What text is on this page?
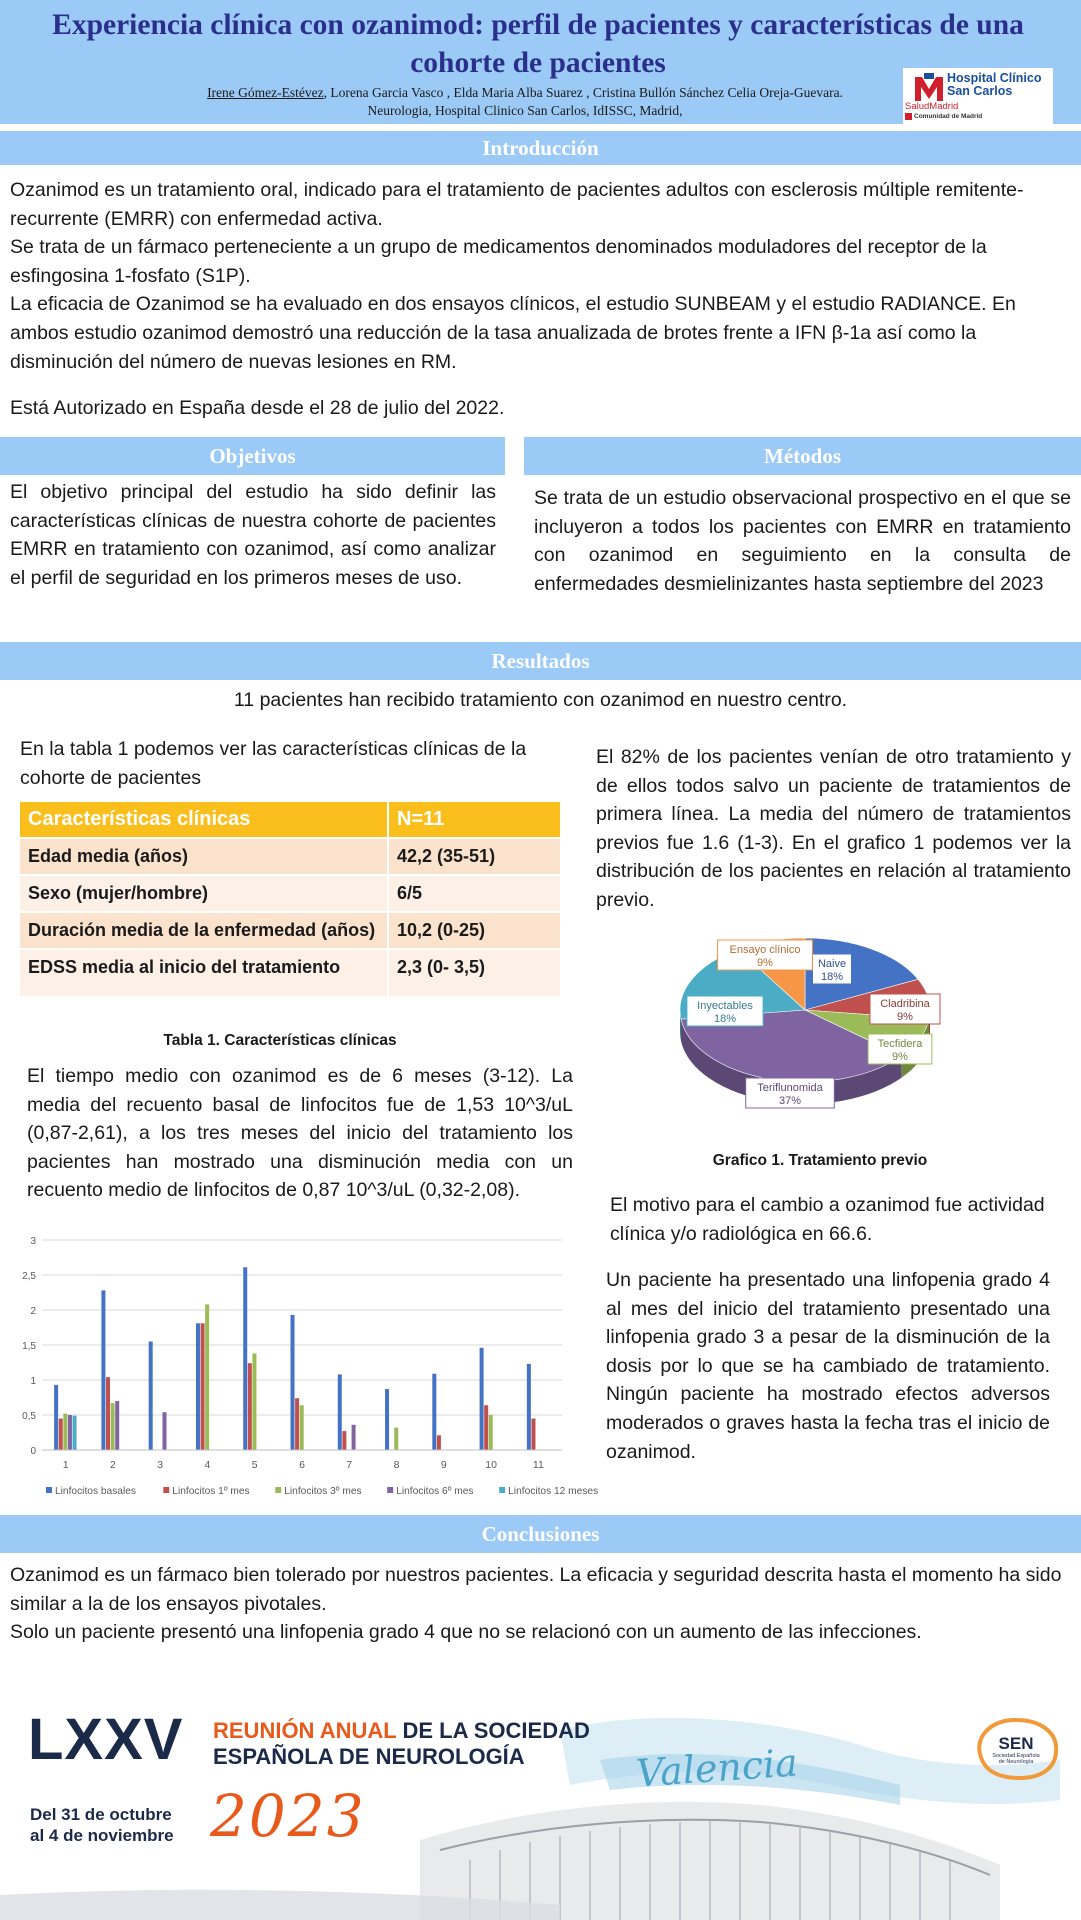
Experiencia clínica con ozanimod: perfil de pacientes y características de una cohorte de pacientes
Irene Gómez-Estévez, Lorena Garcia Vasco , Elda Maria Alba Suarez , Cristina Bullón Sánchez Celia Oreja-Guevara.
Neurologia, Hospital Clinico San Carlos, IdISSC, Madrid,
Hospital Clínico
San Carlos
SaludMadrid
Comunidad de Madrid
Introducción

Ozanimod es un tratamiento oral, indicado para el tratamiento de pacientes adultos con esclerosis múltiple remitente-recurrente (EMRR) con enfermedad activa.

Se trata de un fármaco perteneciente a un grupo de medicamentos denominados moduladores del receptor de la esfingosina 1-fosfato (S1P).

La eficacia de Ozanimod se ha evaluado en dos ensayos clínicos, el estudio SUNBEAM y el estudio RADIANCE. En ambos estudio ozanimod demostró una reducción de la tasa anualizada de brotes frente a IFN β-1a así como la disminución del número de nuevas lesiones en RM.

Está Autorizado en España desde el 28 de julio del 2022.

Objetivos	Métodos
El objetivo principal del estudio ha sido definir las características clínicas de nuestra cohorte de pacientes EMRR en tratamiento con ozanimod, así como analizar el perfil de seguridad en los primeros meses de uso.
Se trata de un estudio observacional prospectivo en el que se incluyeron a todos los pacientes con EMRR en tratamiento con ozanimod en seguimiento en la consulta de enfermedades desmielinizantes hasta septiembre del 2023
Resultados
11 pacientes han recibido tratamiento con ozanimod en nuestro centro.
En la tabla 1 podemos ver las características clínicas de la cohorte de pacientes
Características clínicas	N=11
Edad media (años)	42,2 (35-51)
Sexo (mujer/hombre)	6/5
Duración media de la enfermedad (años)	10,2 (0-25)
EDSS media al inicio del tratamiento	2,3 (0- 3,5)
Tabla 1. Características clínicas
El tiempo medio con ozanimod es de 6 meses (3-12). La media del recuento basal de linfocitos fue de 1,53 10^3/uL (0,87-2,61), a los tres meses del inicio del tratamiento los pacientes han mostrado una disminución media con un recuento medio de linfocitos de 0,87 10^3/uL (0,32-2,08).
0
0,5
1
1,5
2
2,5
3
1	2	3	4	5	6	7	8	9	10	11
Linfocitos basales	Linfocitos 1º mes	Linfocitos 3º mes	Linfocitos 6º mes	Linfocitos 12 meses
El 82% de los pacientes venían de otro tratamiento y de ellos todos salvo un paciente de tratamientos de primera línea. La media del número de tratamientos previos fue 1.6 (1-3). En el grafico 1 podemos ver la distribución de los pacientes en relación al tratamiento previo.
Naive
18%
Cladribina
9%
Tecfidera
9%
Teriflunomida
37%
Inyectables
18%
Ensayo clínico
9%
Grafico 1. Tratamiento previo
El motivo para el cambio a ozanimod fue actividad clínica y/o radiológica en 66.6.
Un paciente ha presentado una linfopenia grado 4 al mes del inicio del tratamiento presentado una linfopenia grado 3 a pesar de la disminución de la dosis por lo que se ha cambiado de tratamiento. Ningún paciente ha mostrado efectos adversos moderados o graves hasta la fecha tras el inicio de ozanimod.
Conclusiones

Ozanimod es un fármaco bien tolerado por nuestros pacientes. La eficacia y seguridad descrita hasta el momento ha sido similar a la de los ensayos pivotales.

Solo un paciente presentó una linfopenia grado 4 que no se relacionó con un aumento de las infecciones.

LXXV REUNIÓN ANUAL DE LA SOCIEDAD
ESPAÑOLA DE NEUROLOGÍA	Valencia
Del 31 de octubre
al 4 de noviembre 2023
SEN
Sociedad Española
de Neurología
